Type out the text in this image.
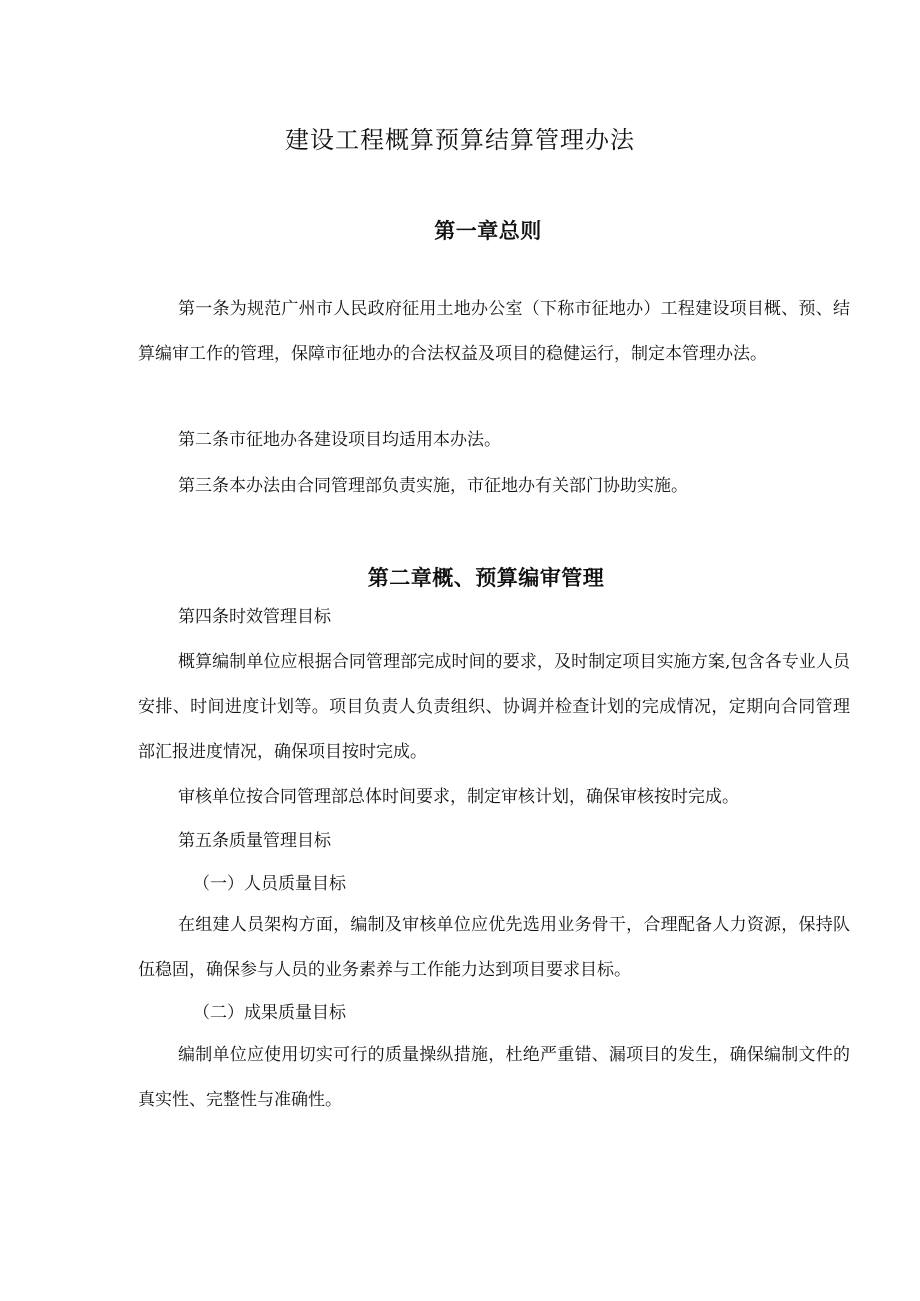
建设工程概算预算结算管理办法
第一章总则

第一条为规范广州市人民政府征用土地办公室（下称市征地办）工程建设项目概、预、结算编审工作的管理，保障市征地办的合法权益及项目的稳健运行，制定本管理办法。

第二条市征地办各建设项目均适用本办法。

第三条本办法由合同管理部负责实施，市征地办有关部门协助实施。

第二章概、预算编审管理

第四条时效管理目标

概算编制单位应根据合同管理部完成时间的要求，及时制定项目实施方案,包含各专业人员安排、时间进度计划等。项目负责人负责组织、协调并检查计划的完成情况，定期向合同管理部汇报进度情况，确保项目按时完成。

审核单位按合同管理部总体时间要求，制定审核计划，确保审核按时完成。

第五条质量管理目标

（一）人员质量目标

在组建人员架构方面，编制及审核单位应优先选用业务骨干，合理配备人力资源，保持队伍稳固，确保参与人员的业务素养与工作能力达到项目要求目标。

（二）成果质量目标

编制单位应使用切实可行的质量操纵措施，杜绝严重错、漏项目的发生，确保编制文件的真实性、完整性与准确性。
